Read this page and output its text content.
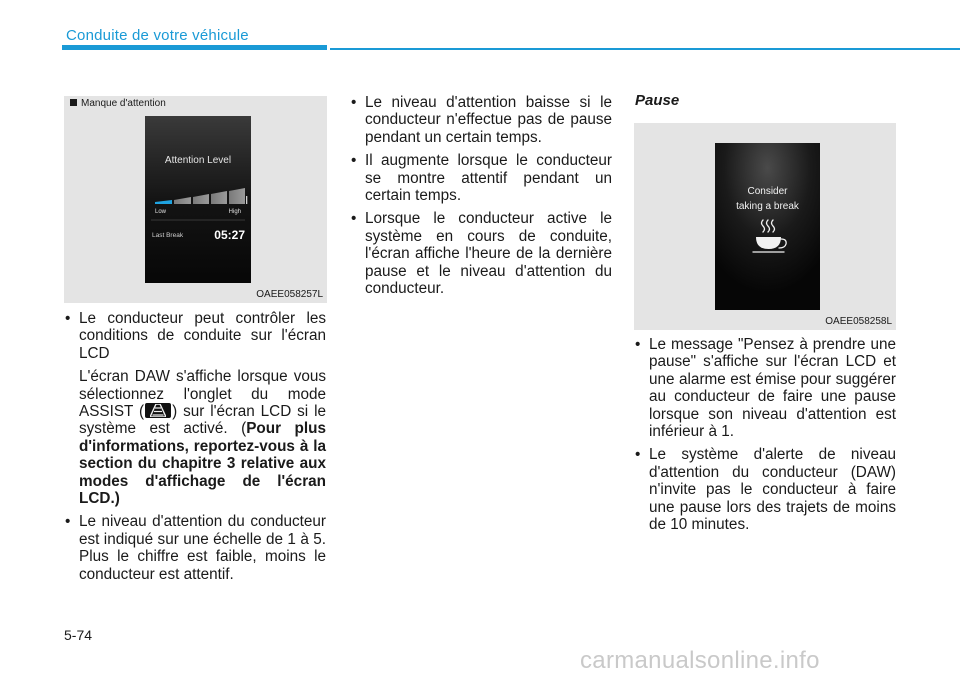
Conduite de votre véhicule
Manque d'attention
Attention Level
Low	High
Last Break	05:27
OAEE058257L

• Le conducteur peut contrôler les conditions de conduite sur l'écran LCD

L'écran DAW s'affiche lorsque vous sélectionnez l'onglet du mode ASSIST ( ) sur l'écran LCD si le système est activé. (Pour plus d'informations, reportez-vous à la section du chapitre 3 relative aux modes d'affichage de l'écran LCD.)

• Le niveau d'attention du conducteur est indiqué sur une échelle de 1 à 5. Plus le chiffre est faible, moins le conducteur est attentif.

• Le niveau d'attention baisse si le conducteur n'effectue pas de pause pendant un certain temps.

• Il augmente lorsque le conducteur se montre attentif pendant un certain temps.

• Lorsque le conducteur active le système en cours de conduite, l'écran affiche l'heure de la dernière pause et le niveau d'attention du conducteur.

Pause
Consider
taking a break
OAEE058258L

• Le message "Pensez à prendre une pause" s'affiche sur l'écran LCD et une alarme est émise pour suggérer au conducteur de faire une pause lorsque son niveau d'attention est inférieur à 1.

• Le système d'alerte de niveau d'attention du conducteur (DAW) n'invite pas le conducteur à faire une pause lors des trajets de moins de 10 minutes.

5-74
carmanualsonline.info
